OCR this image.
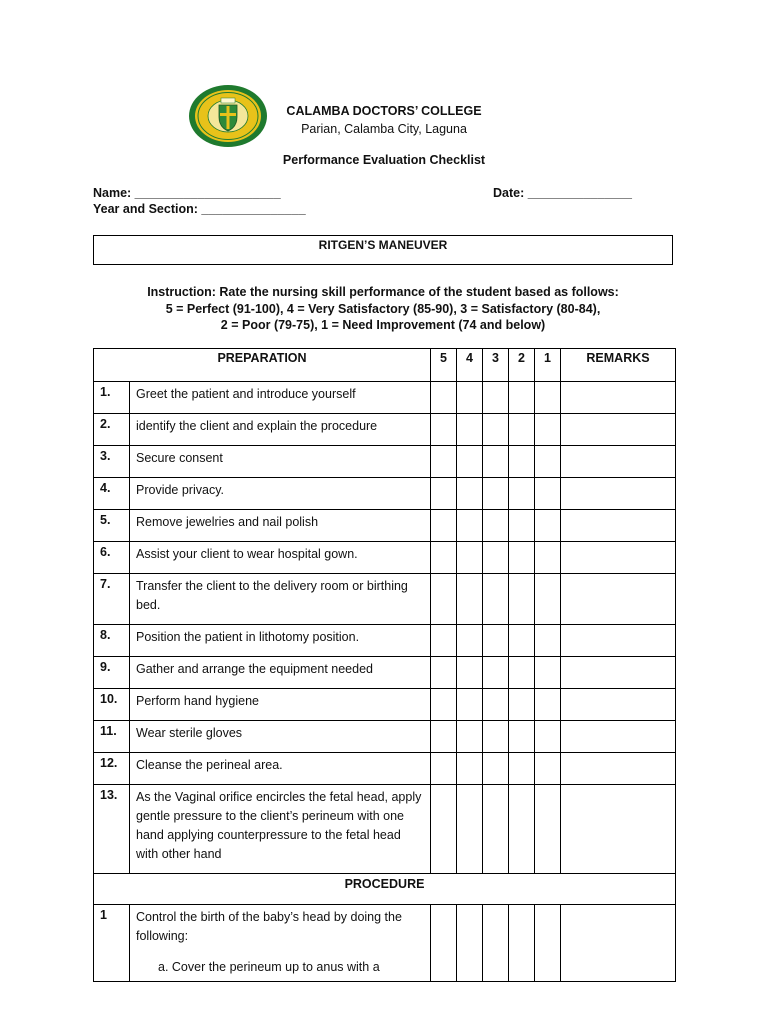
CALAMBA DOCTORS’ COLLEGE
Parian, Calamba City, Laguna
Performance Evaluation Checklist
Name: _____________________	Date: _______________
Year and Section: _______________
RITGEN’S MANEUVER
Instruction: Rate the nursing skill performance of the student based as follows:
5 = Perfect (91-100), 4 = Very Satisfactory (85-90), 3 = Satisfactory (80-84),
2 = Poor (79-75), 1 = Need Improvement (74 and below)
PREPARATION		5	4	3	2	1	REMARKS
1.	Greet the patient and introduce yourself						
2.	identify the client and explain the procedure						
3.	Secure consent						
4.	Provide privacy.						
5.	Remove jewelries and nail polish						
6.	Assist your client to wear hospital gown.						
7.	Transfer the client to the delivery room or birthing bed.						
8.	Position the patient in lithotomy position.						
9.	Gather and arrange the equipment needed						
10.	Perform hand hygiene						
11.	Wear sterile gloves						
12.	Cleanse the perineal area.						
13.	As the Vaginal orifice encircles the fetal head, apply gentle pressure to the client’s perineum with one hand applying counterpressure to the fetal head with other hand						
PROCEDURE							
1	Control the birth of the baby’s head by doing the following:
a. Cover the perineum up to anus with a						
